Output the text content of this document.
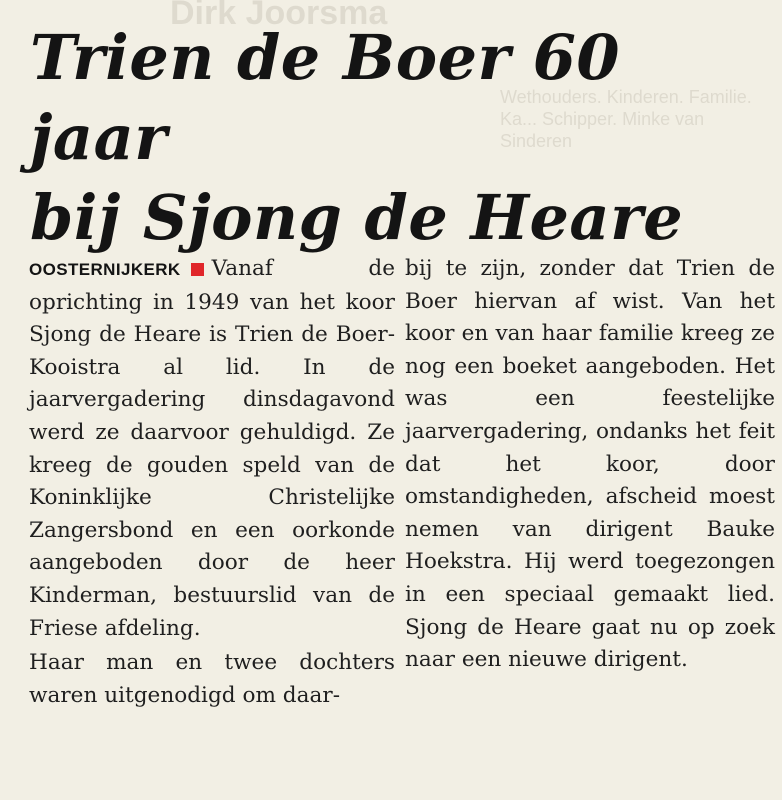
Dirk Joorsma
Wethouders. Kinderen. Familie. Ka... Schipper. Minke van Sinderen
Trien de Boer 60 jaar
bij Sjong de Heare

OOSTERNIJKERK Vanaf de oprichting in 1949 van het koor Sjong de Heare is Trien de Boer-Kooistra al lid. In de jaarvergadering dinsdagavond werd ze daarvoor gehuldigd. Ze kreeg de gouden speld van de Koninklijke Christelijke Zangersbond en een oorkonde aangeboden door de heer Kinderman, bestuurslid van de Friese afdeling.

Haar man en twee dochters waren uitgenodigd om daar-

bij te zijn, zonder dat Trien de Boer hiervan af wist. Van het koor en van haar familie kreeg ze nog een boeket aangeboden. Het was een feestelijke jaarvergadering, ondanks het feit dat het koor, door omstandigheden, afscheid moest nemen van dirigent Bauke Hoekstra. Hij werd toegezongen in een speciaal gemaakt lied. Sjong de Heare gaat nu op zoek naar een nieuwe dirigent.
